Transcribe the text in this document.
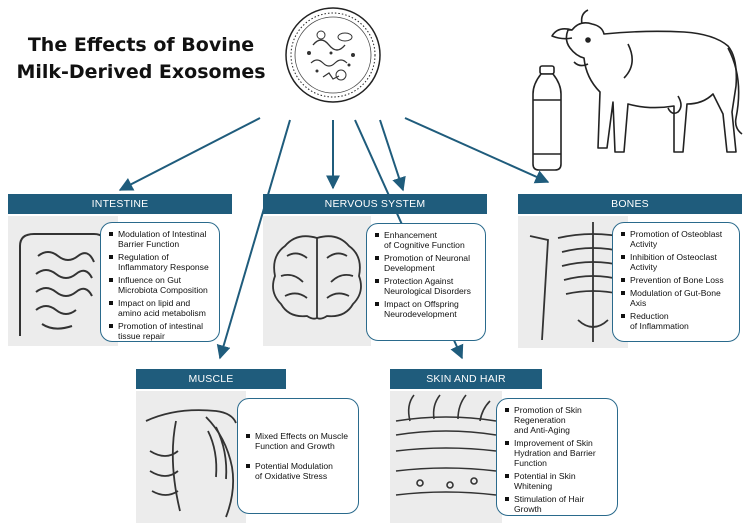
The Effects of Bovine
Milk-Derived Exosomes
INTESTINE
Modulation of Intestinal
Barrier Function
Regulation of
Inflammatory Response
Influence on Gut
Microbiota Composition
Impact on lipid and
amino acid metabolism
Promotion of intestinal
tissue repair
NERVOUS SYSTEM
Enhancement
of Cognitive Function
Promotion of Neuronal
Development
Protection Against
Neurological Disorders
Impact on Offspring
Neurodevelopment
BONES
Promotion of Osteoblast
Activity
Inhibition of Osteoclast
Activity
Prevention of Bone Loss
Modulation of Gut-Bone
Axis
Reduction
of Inflammation
MUSCLE
Mixed Effects on Muscle
Function and Growth
Potential Modulation
of Oxidative Stress
SKIN AND HAIR
Promotion of Skin
Regeneration
and Anti-Aging
Improvement of Skin
Hydration and Barrier
Function
Potential in Skin
Whitening
Stimulation of Hair
Growth
